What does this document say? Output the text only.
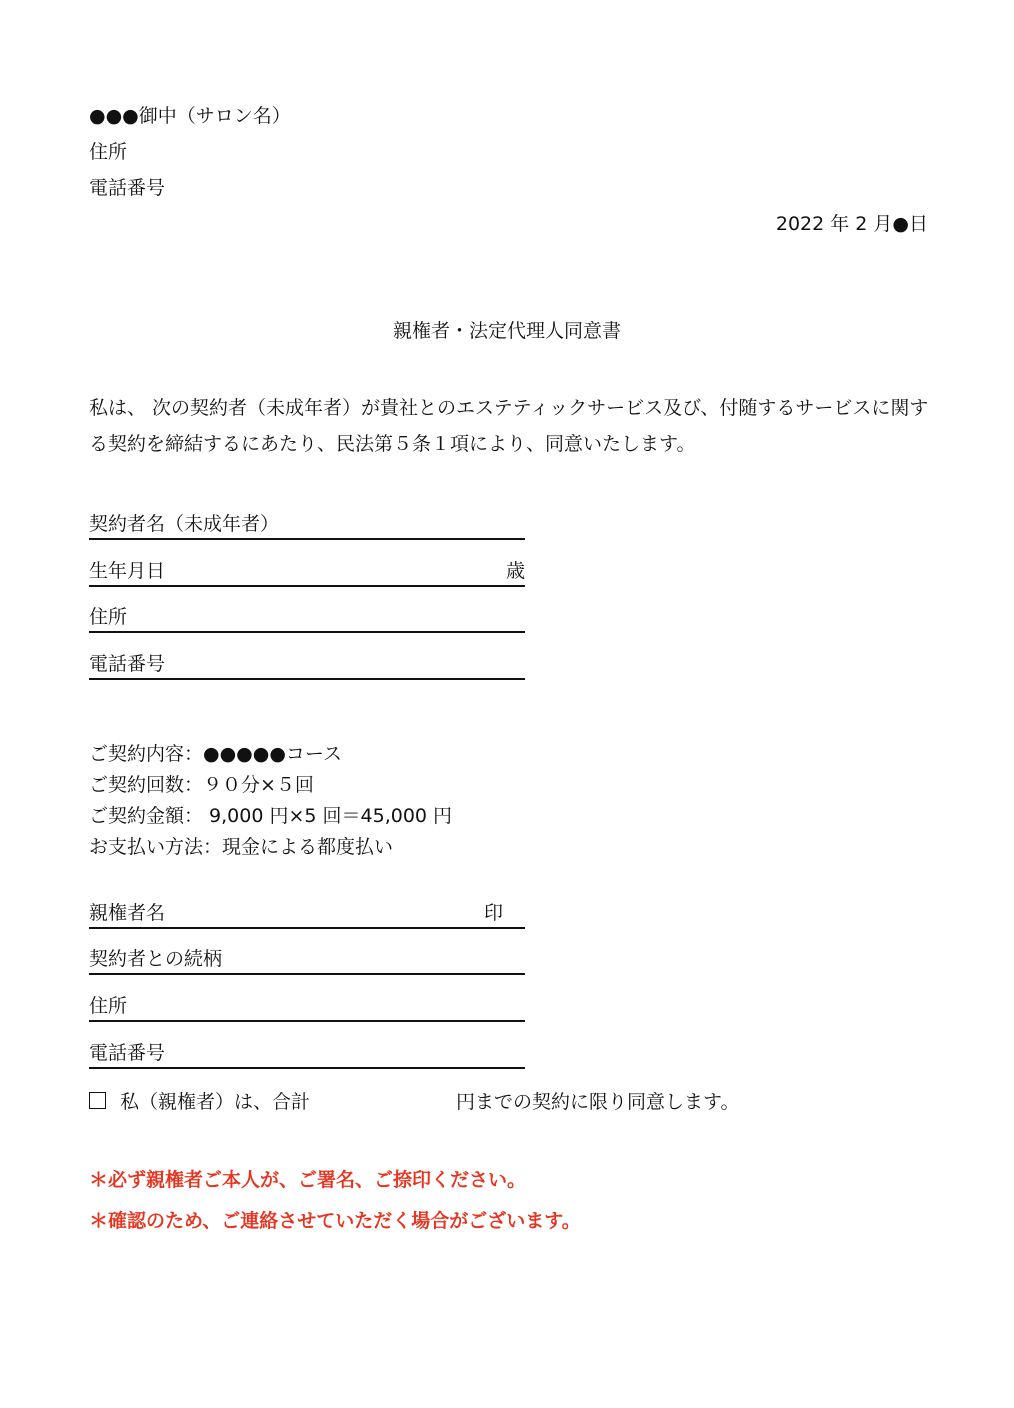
●●●御中（サロン名）
住所
電話番号
2022 年 2 月●日
親権者・法定代理人同意書
私は、 次の契約者（未成年者）が貴社とのエステティックサービス及び、付随するサービスに関する契約を締結するにあたり、民法第５条１項により、同意いたします。
契約者名（未成年者）
生年月日	歳
住所
電話番号
ご契約内容：●●●●●コース
ご契約回数：９０分×５回
ご契約金額： 9,000 円×5 回＝45,000 円
お支払い方法：現金による都度払い
親権者名	印
契約者との続柄
住所
電話番号
私（親権者）は、合計	円までの契約に限り同意します。
＊必ず親権者ご本人が、ご署名、ご捺印ください。
＊確認のため、ご連絡させていただく場合がございます。
